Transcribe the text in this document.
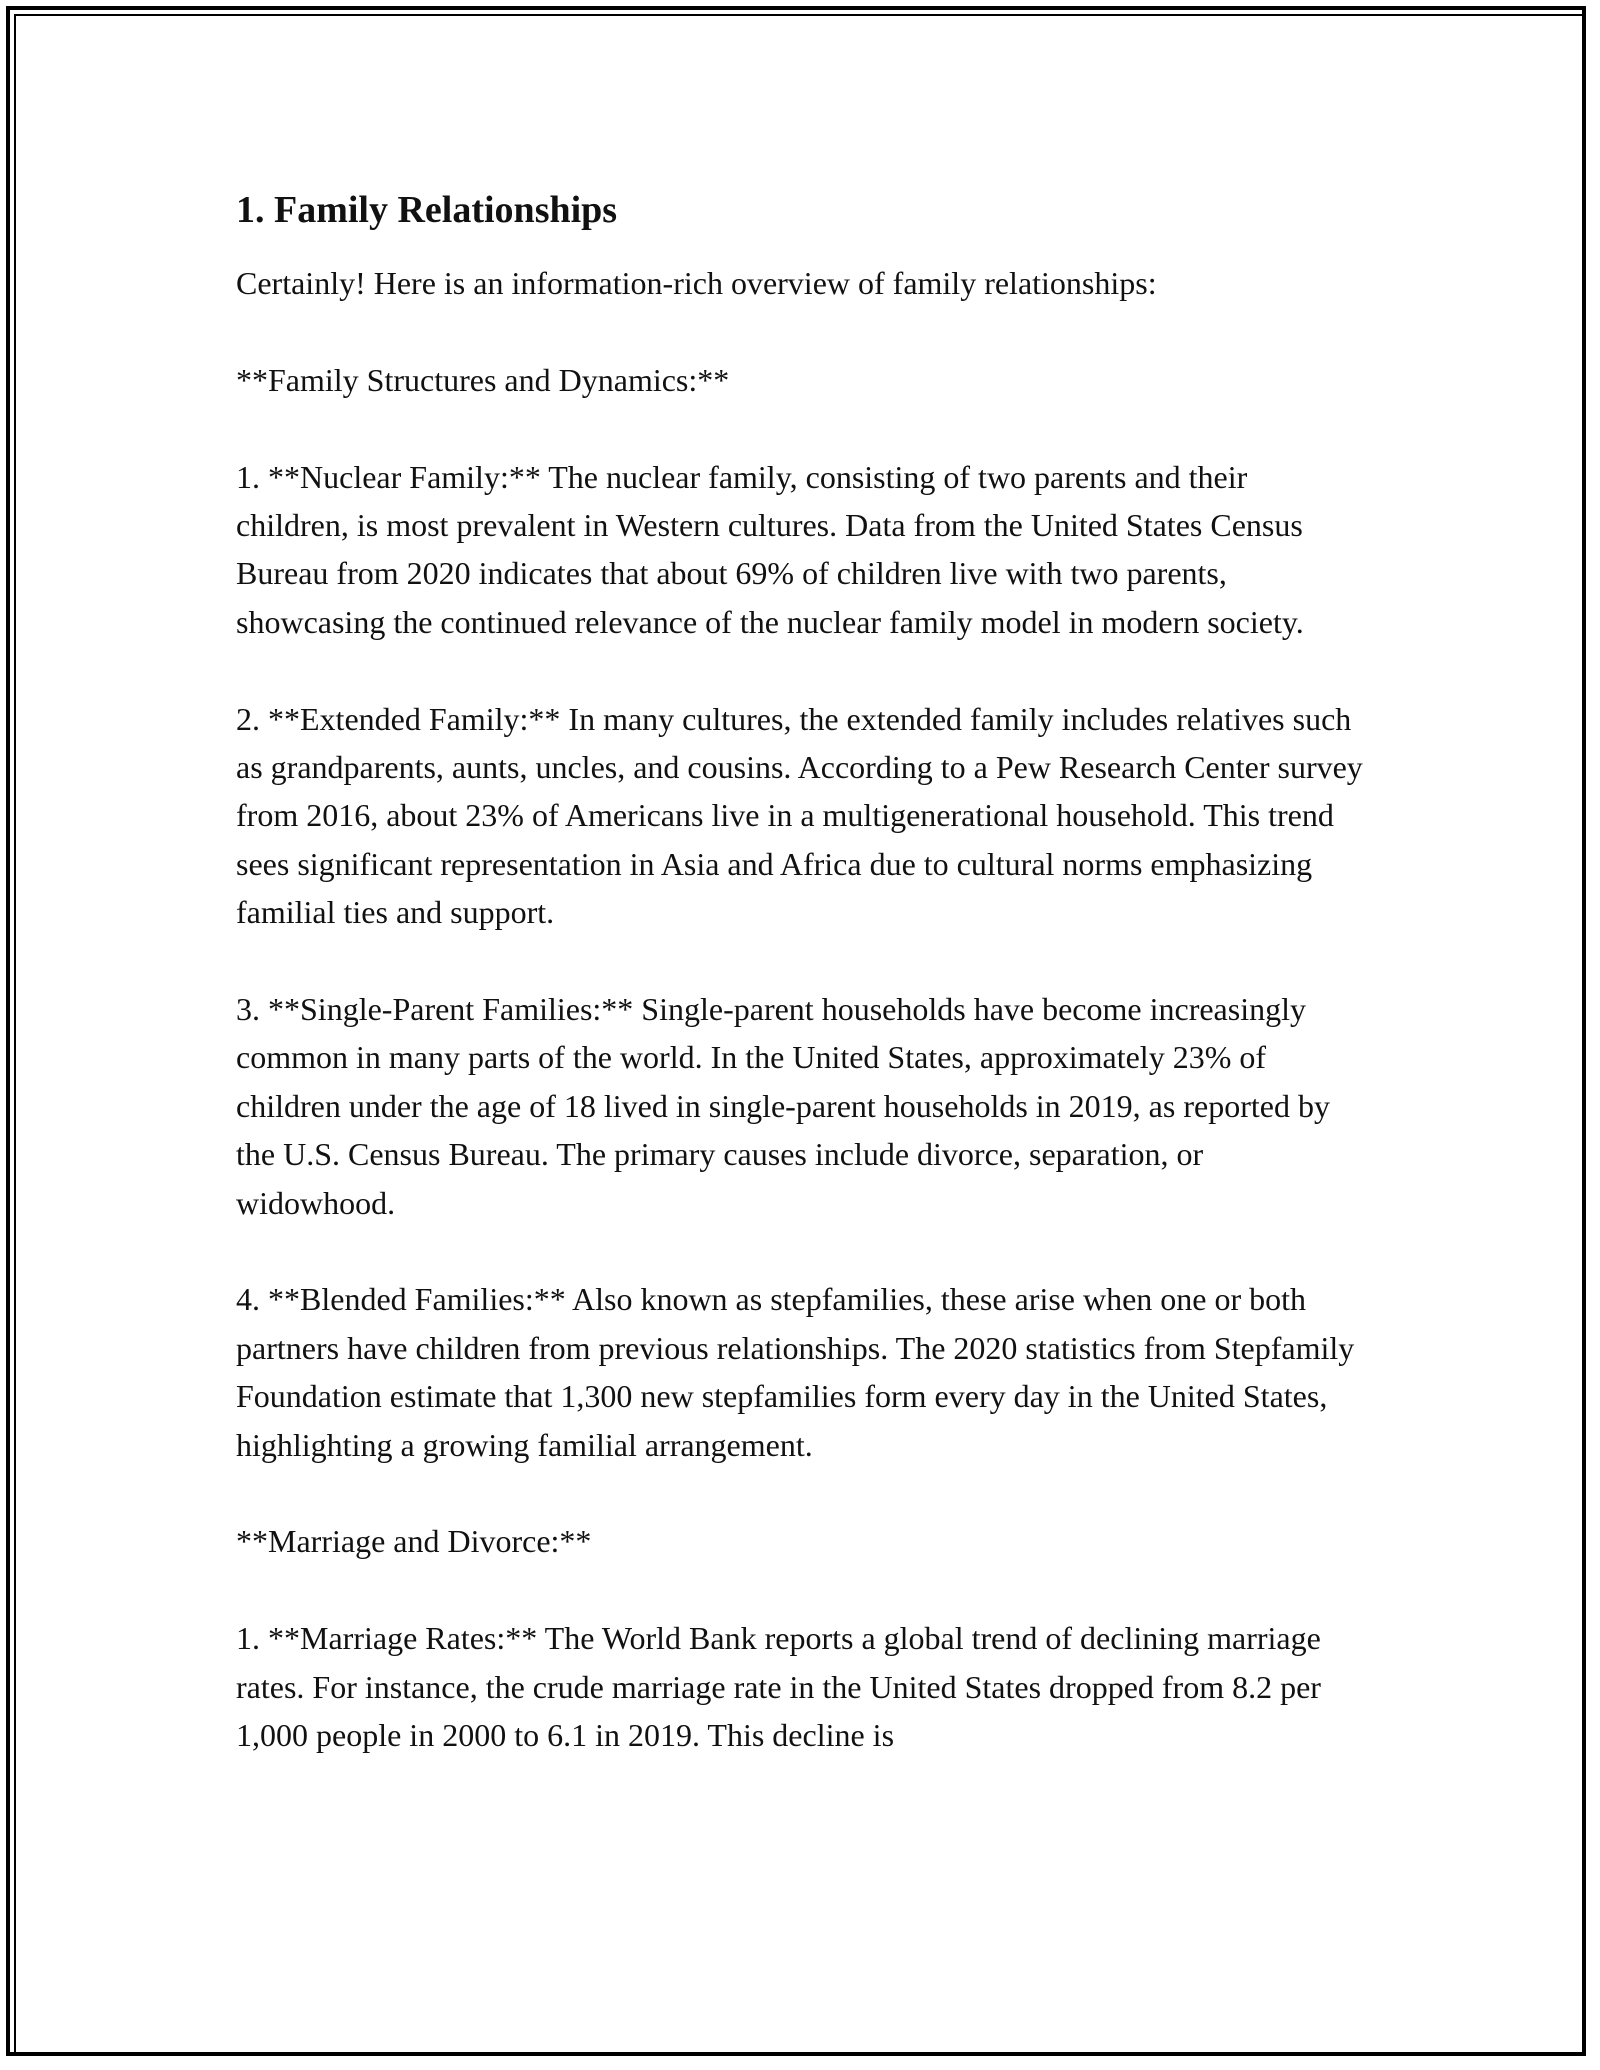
1. Family Relationships

Certainly! Here is an information-rich overview of family relationships:

**Family Structures and Dynamics:**

1. **Nuclear Family:** The nuclear family, consisting of two parents and their children, is most prevalent in Western cultures. Data from the United States Census Bureau from 2020 indicates that about 69% of children live with two parents, showcasing the continued relevance of the nuclear family model in modern society.

2. **Extended Family:** In many cultures, the extended family includes relatives such as grandparents, aunts, uncles, and cousins. According to a Pew Research Center survey from 2016, about 23% of Americans live in a multigenerational household. This trend sees significant representation in Asia and Africa due to cultural norms emphasizing familial ties and support.

3. **Single-Parent Families:** Single-parent households have become increasingly common in many parts of the world. In the United States, approximately 23% of children under the age of 18 lived in single-parent households in 2019, as reported by the U.S. Census Bureau. The primary causes include divorce, separation, or widowhood.

4. **Blended Families:** Also known as stepfamilies, these arise when one or both partners have children from previous relationships. The 2020 statistics from Stepfamily Foundation estimate that 1,300 new stepfamilies form every day in the United States, highlighting a growing familial arrangement.

**Marriage and Divorce:**

1. **Marriage Rates:** The World Bank reports a global trend of declining marriage rates. For instance, the crude marriage rate in the United States dropped from 8.2 per 1,000 people in 2000 to 6.1 in 2019. This decline is
